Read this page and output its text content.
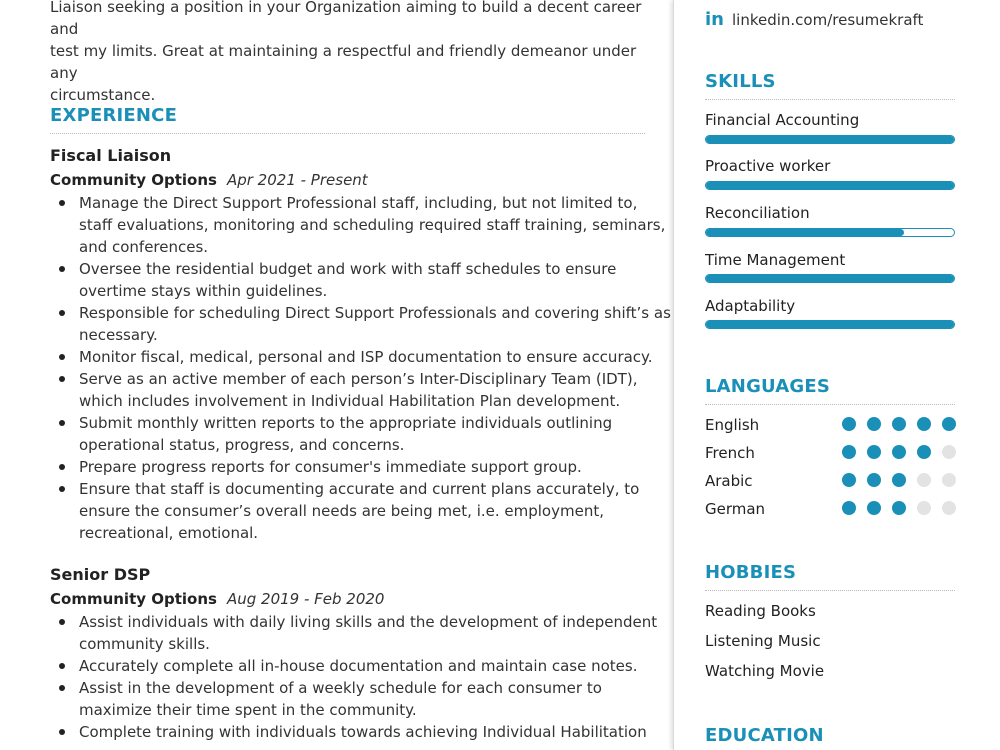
Liaison seeking a position in your Organization aiming to build a decent career and
test my limits. Great at maintaining a respectful and friendly demeanor under any
circumstance.
EXPERIENCE
Fiscal Liaison
Community Options Apr 2021 - Present
Manage the Direct Support Professional staff, including, but not limited to, staff evaluations, monitoring and scheduling required staff training, seminars, and conferences.
Oversee the residential budget and work with staff schedules to ensure overtime stays within guidelines.
Responsible for scheduling Direct Support Professionals and covering shift’s as necessary.
Monitor fiscal, medical, personal and ISP documentation to ensure accuracy.
Serve as an active member of each person’s Inter-Disciplinary Team (IDT), which includes involvement in Individual Habilitation Plan development.
Submit monthly written reports to the appropriate individuals outlining operational status, progress, and concerns.
Prepare progress reports for consumer's immediate support group.
Ensure that staff is documenting accurate and current plans accurately, to ensure the consumer’s overall needs are being met, i.e. employment, recreational, emotional.
Senior DSP
Community Options Aug 2019 - Feb 2020
Assist individuals with daily living skills and the development of independent community skills.
Accurately complete all in-house documentation and maintain case notes.
Assist in the development of a weekly schedule for each consumer to maximize their time spent in the community.
Complete training with individuals towards achieving Individual Habilitation
in linkedin.com/resumekraft
SKILLS
Financial Accounting
Proactive worker
Reconciliation
Time Management
Adaptability
LANGUAGES
English
French
Arabic
German
HOBBIES
Reading Books
Listening Music
Watching Movie
EDUCATION
